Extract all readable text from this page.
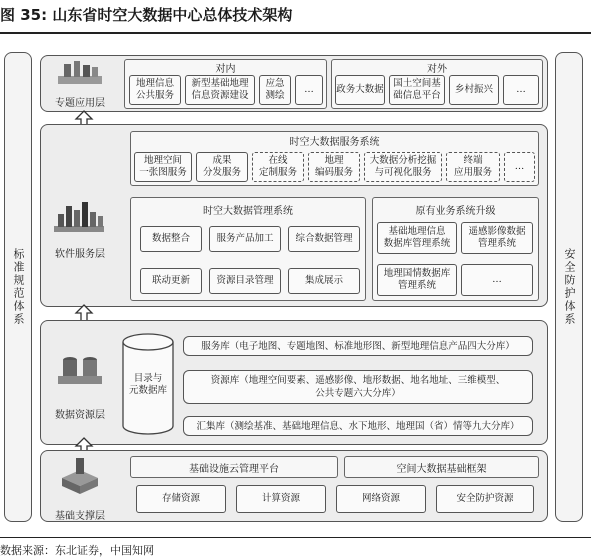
图 35: 山东省时空大数据中心总体技术架构
标准规范体系	安全防护体系
专题应用层
对内
地理信息
公共服务
新型基础地理
信息资源建设
应急
测绘
…
对外
政务大数据
国土空间基
础信息平台
乡村振兴	…
软件服务层
时空大数据服务系统
地理空间
一张图服务
成果
分发服务
在线
定制服务
地理
编码服务
大数据分析挖掘
与可视化服务
终端
应用服务
…
时空大数据管理系统
数据整合	服务产品加工	综合数据管理
联动更新	资源目录管理	集成展示
原有业务系统升级
基础地理信息
数据库管理系统
遥感影像数据
管理系统
地理国情数据库
管理系统
…
数据资源层
目录与
元数据库
服务库（电子地图、专题地图、标准地形图、新型地理信息产品四大分库）
资源库（地理空间要素、遥感影像、地形数据、地名地址、三维模型、
公共专题六大分库）
汇集库（测绘基准、基础地理信息、水下地形、地理国（省）情等九大分库）
基础支撑层
基础设施云管理平台	空间大数据基础框架
存储资源	计算资源	网络资源	安全防护资源
数据来源：东北证券，中国知网
